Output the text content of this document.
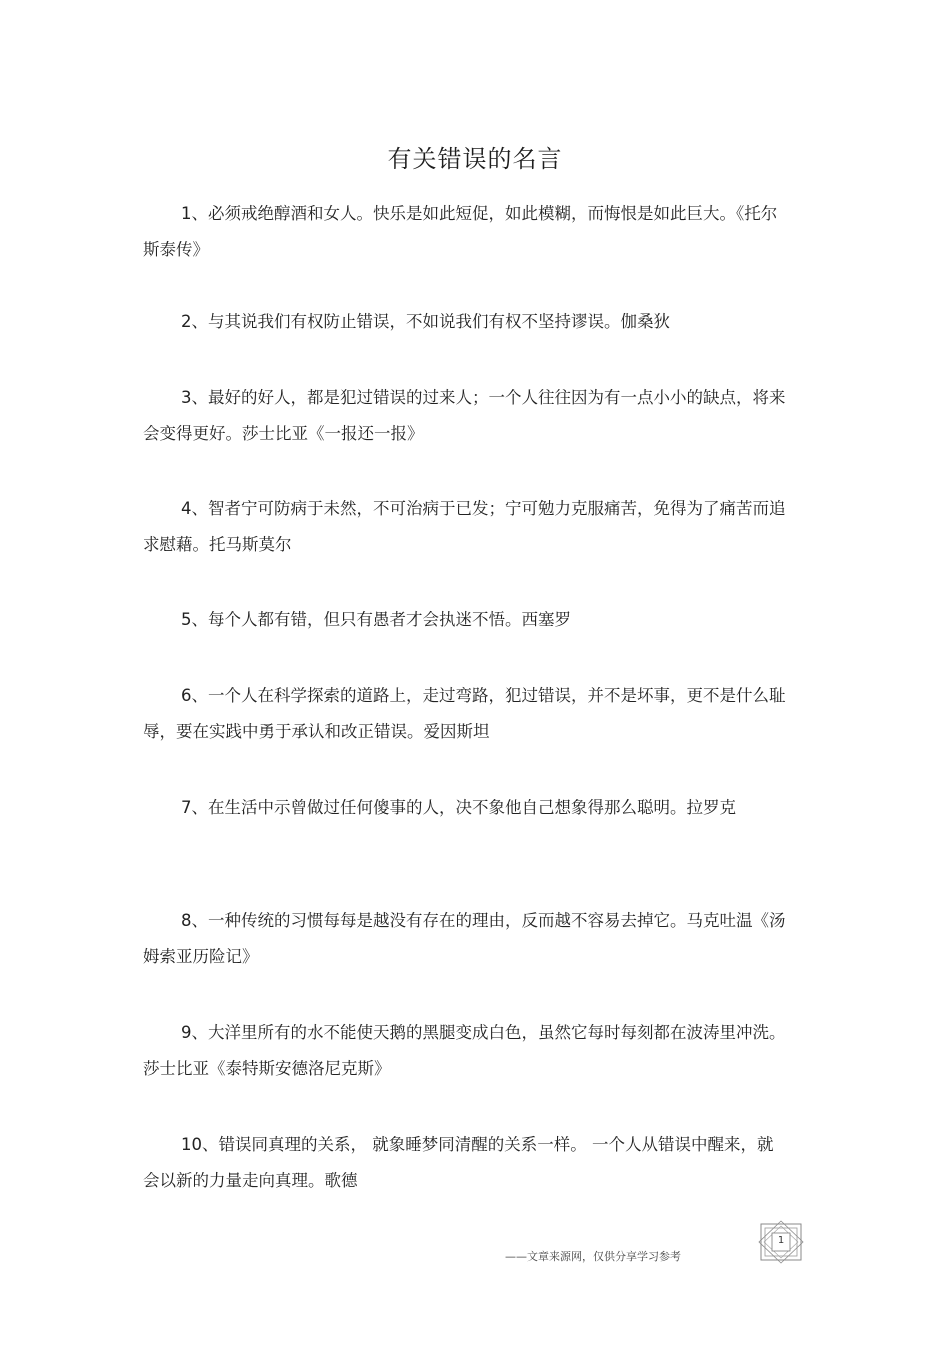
有关错误的名言

1、必须戒绝醇酒和女人。快乐是如此短促，如此模糊，而悔恨是如此巨大。《托尔斯泰传》

2、与其说我们有权防止错误，不如说我们有权不坚持谬误。伽桑狄

3、最好的好人，都是犯过错误的过来人；一个人往往因为有一点小小的缺点，将来会变得更好。莎士比亚《一报还一报》

4、智者宁可防病于未然，不可治病于已发；宁可勉力克服痛苦，免得为了痛苦而追求慰藉。托马斯莫尔

5、每个人都有错，但只有愚者才会执迷不悟。西塞罗

6、一个人在科学探索的道路上，走过弯路，犯过错误，并不是坏事，更不是什么耻辱，要在实践中勇于承认和改正错误。爱因斯坦

7、在生活中示曾做过任何傻事的人，决不象他自己想象得那么聪明。拉罗克

8、一种传统的习惯每每是越没有存在的理由，反而越不容易去掉它。马克吐温《汤姆索亚历险记》

9、大洋里所有的水不能使天鹅的黑腿变成白色，虽然它每时每刻都在波涛里冲洗。莎士比亚《泰特斯安德洛尼克斯》

10、错误同真理的关系， 就象睡梦同清醒的关系一样。 一个人从错误中醒来，就会以新的力量走向真理。歌德

——文章来源网，仅供分享学习参考
1
